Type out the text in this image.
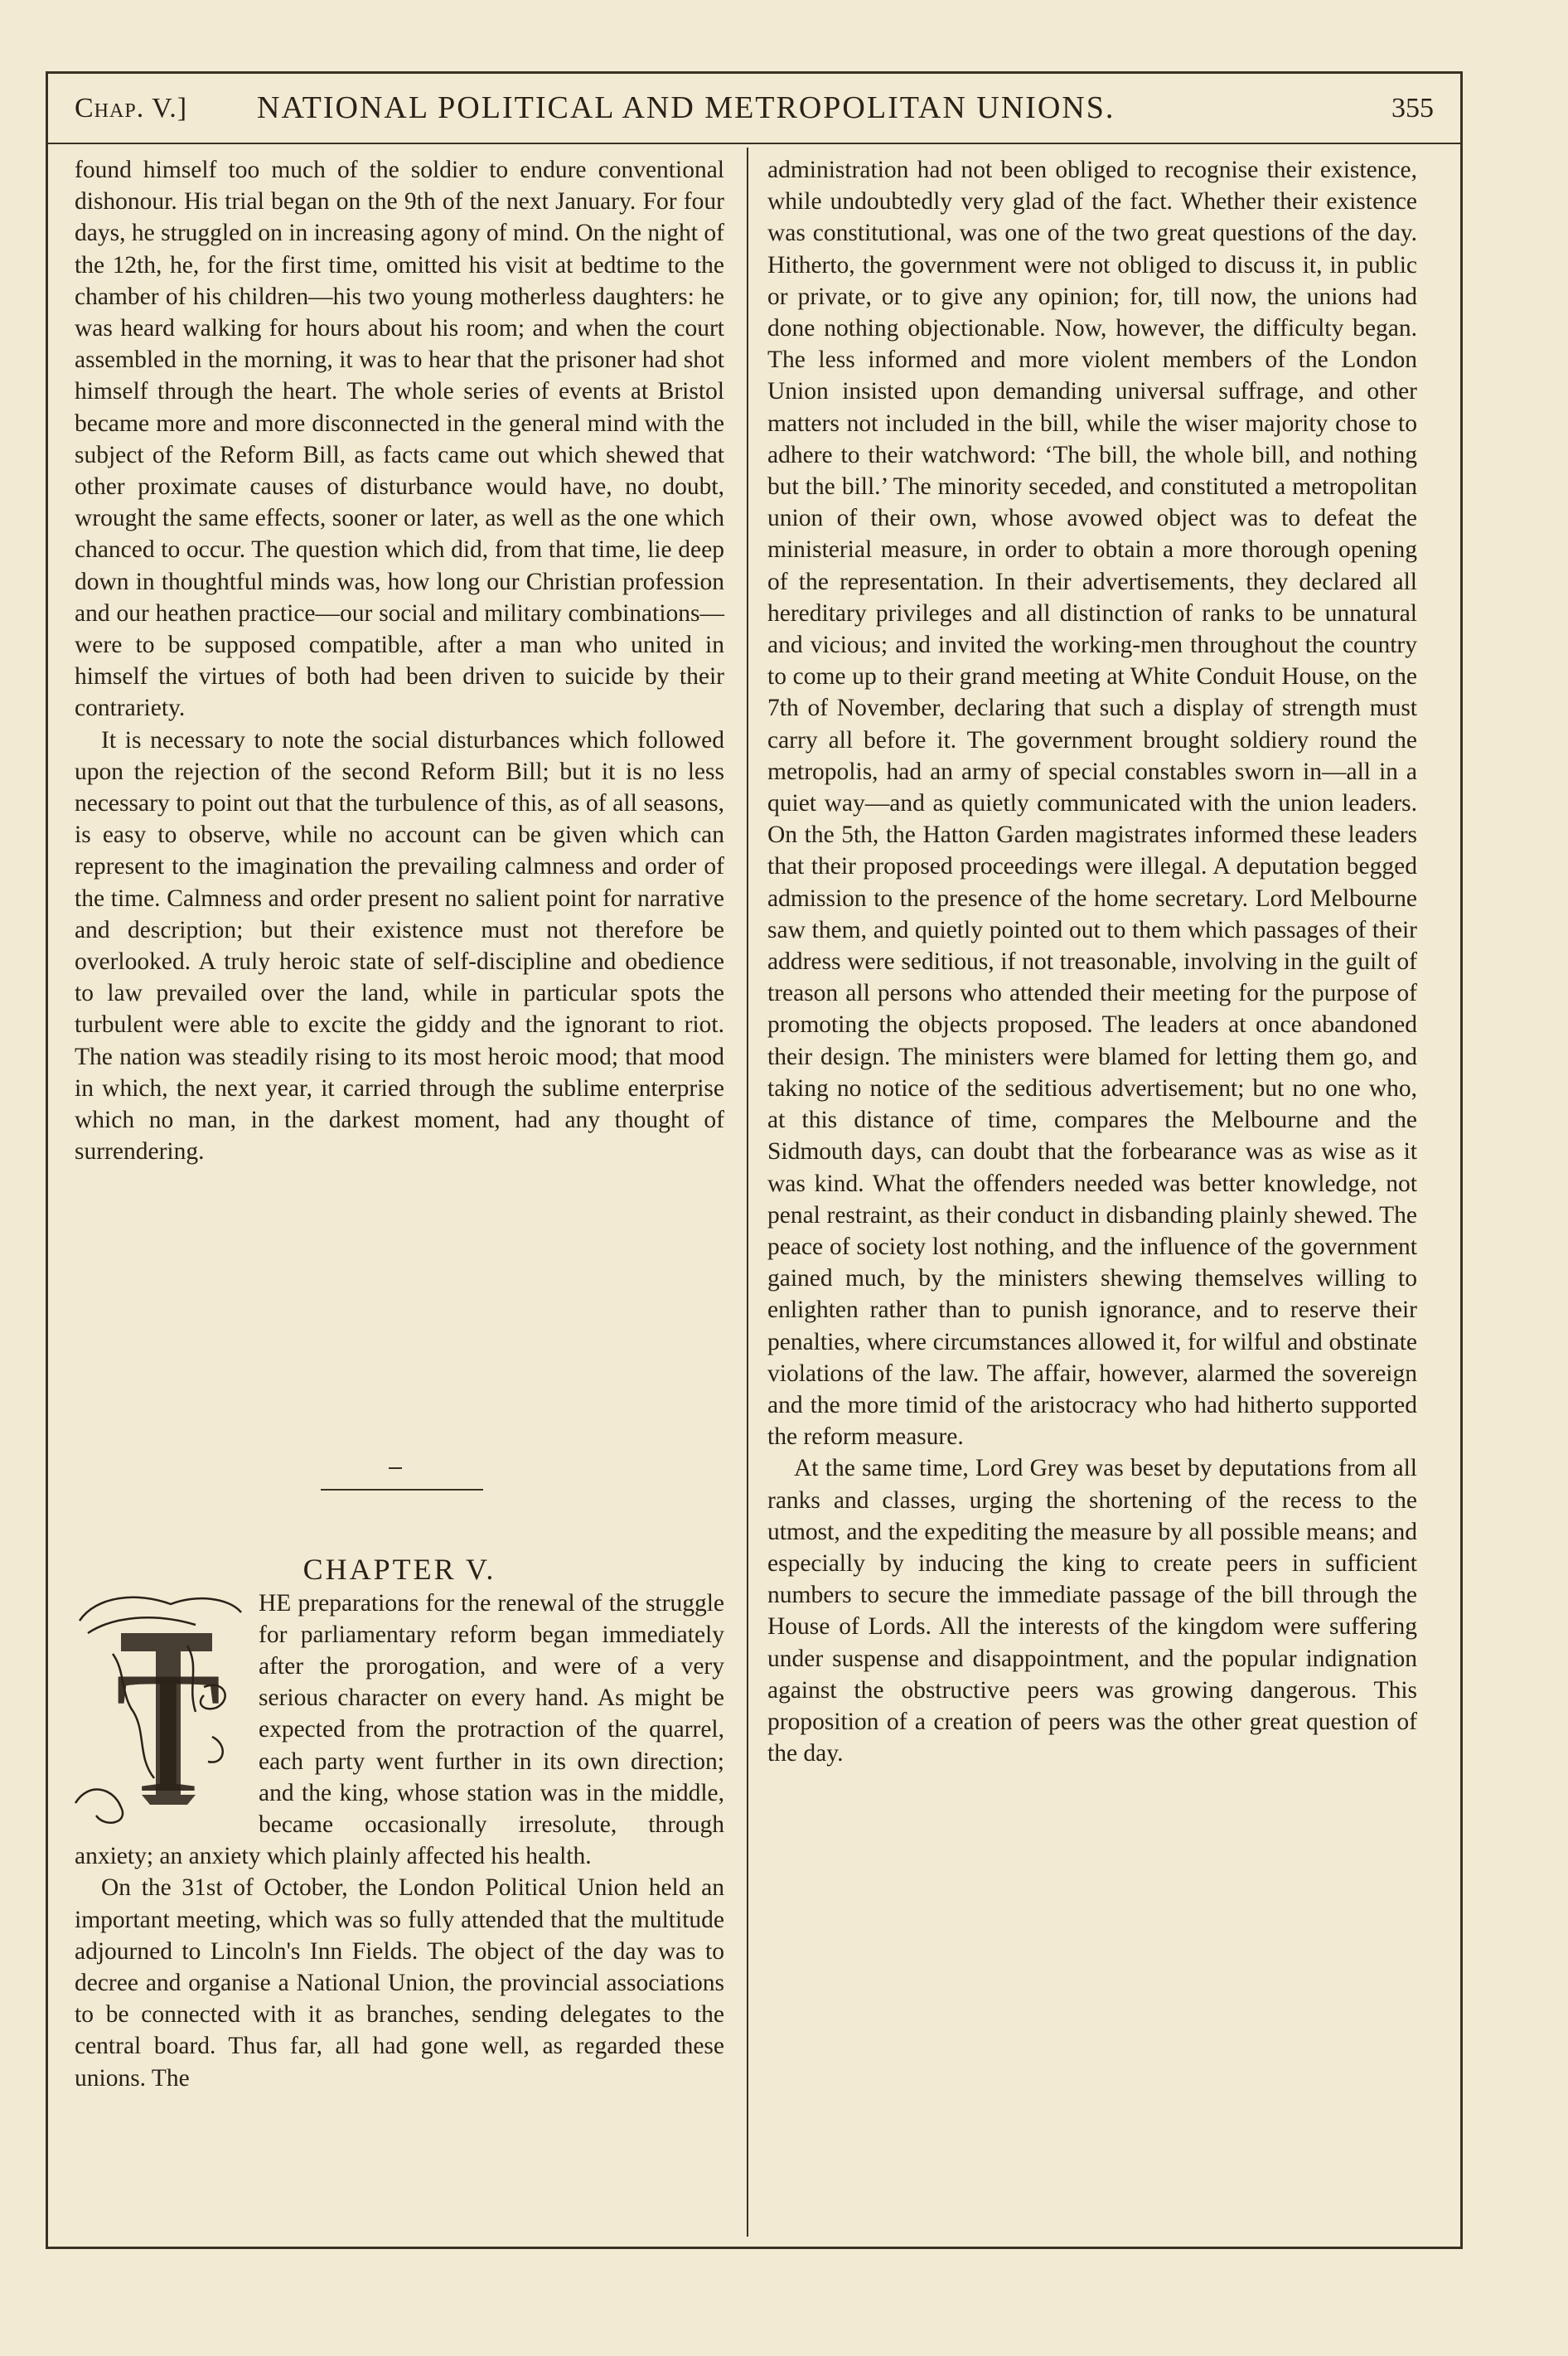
Chap. V.] NATIONAL POLITICAL AND METROPOLITAN UNIONS.	355

found himself too much of the soldier to endure conventional dishonour. His trial began on the 9th of the next January. For four days, he struggled on in increasing agony of mind. On the night of the 12th, he, for the first time, omitted his visit at bedtime to the chamber of his children—his two young motherless daughters: he was heard walking for hours about his room; and when the court assembled in the morning, it was to hear that the prisoner had shot himself through the heart. The whole series of events at Bristol became more and more disconnected in the general mind with the subject of the Reform Bill, as facts came out which shewed that other proximate causes of disturbance would have, no doubt, wrought the same effects, sooner or later, as well as the one which chanced to occur. The question which did, from that time, lie deep down in thoughtful minds was, how long our Christian profession and our heathen practice—our social and military combinations—were to be supposed compatible, after a man who united in himself the virtues of both had been driven to suicide by their contrariety.

It is necessary to note the social disturbances which followed upon the rejection of the second Reform Bill; but it is no less necessary to point out that the turbulence of this, as of all seasons, is easy to observe, while no account can be given which can represent to the imagination the prevailing calmness and order of the time. Calmness and order present no salient point for narrative and description; but their existence must not therefore be overlooked. A truly heroic state of self-discipline and obedience to law prevailed over the land, while in particular spots the turbulent were able to excite the giddy and the ignorant to riot. The nation was steadily rising to its most heroic mood; that mood in which, the next year, it carried through the sublime enterprise which no man, in the darkest moment, had any thought of surrendering.

T

HE preparations for the renewal of the struggle for parliamentary reform began immediately after the prorogation, and were of a very serious character on every hand. As might be expected from the protraction of the quarrel, each party went further in its own direction; and the king, whose station was in the middle, became occasionally irresolute, through anxiety; an anxiety which plainly affected his health.

On the 31st of October, the London Political Union held an important meeting, which was so fully attended that the multitude adjourned to Lincoln's Inn Fields. The object of the day was to decree and organise a National Union, the provincial associations to be connected with it as branches, sending delegates to the central board. Thus far, all had gone well, as regarded these unions. The

CHAPTER V.

administration had not been obliged to recognise their existence, while undoubtedly very glad of the fact. Whether their existence was constitutional, was one of the two great questions of the day. Hitherto, the government were not obliged to discuss it, in public or private, or to give any opinion; for, till now, the unions had done nothing objectionable. Now, however, the difficulty began. The less informed and more violent members of the London Union insisted upon demanding universal suffrage, and other matters not included in the bill, while the wiser majority chose to adhere to their watchword: ‘The bill, the whole bill, and nothing but the bill.’ The minority seceded, and constituted a metropolitan union of their own, whose avowed object was to defeat the ministerial measure, in order to obtain a more thorough opening of the representation. In their advertisements, they declared all hereditary privileges and all distinction of ranks to be unnatural and vicious; and invited the working-men throughout the country to come up to their grand meeting at White Conduit House, on the 7th of November, declaring that such a display of strength must carry all before it. The government brought soldiery round the metropolis, had an army of special constables sworn in—all in a quiet way—and as quietly communicated with the union leaders. On the 5th, the Hatton Garden magistrates informed these leaders that their proposed proceedings were illegal. A deputation begged admission to the presence of the home secretary. Lord Melbourne saw them, and quietly pointed out to them which passages of their address were seditious, if not treasonable, involving in the guilt of treason all persons who attended their meeting for the purpose of promoting the objects proposed. The leaders at once abandoned their design. The ministers were blamed for letting them go, and taking no notice of the seditious advertisement; but no one who, at this distance of time, compares the Melbourne and the Sidmouth days, can doubt that the forbearance was as wise as it was kind. What the offenders needed was better knowledge, not penal restraint, as their conduct in disbanding plainly shewed. The peace of society lost nothing, and the influence of the government gained much, by the ministers shewing themselves willing to enlighten rather than to punish ignorance, and to reserve their penalties, where circumstances allowed it, for wilful and obstinate violations of the law. The affair, however, alarmed the sovereign and the more timid of the aristocracy who had hitherto supported the reform measure.

At the same time, Lord Grey was beset by deputations from all ranks and classes, urging the shortening of the recess to the utmost, and the expediting the measure by all possible means; and especially by inducing the king to create peers in sufficient numbers to secure the immediate passage of the bill through the House of Lords. All the interests of the kingdom were suffering under suspense and disappointment, and the popular indignation against the obstructive peers was growing dangerous. This proposition of a creation of peers was the other great question of the day.
